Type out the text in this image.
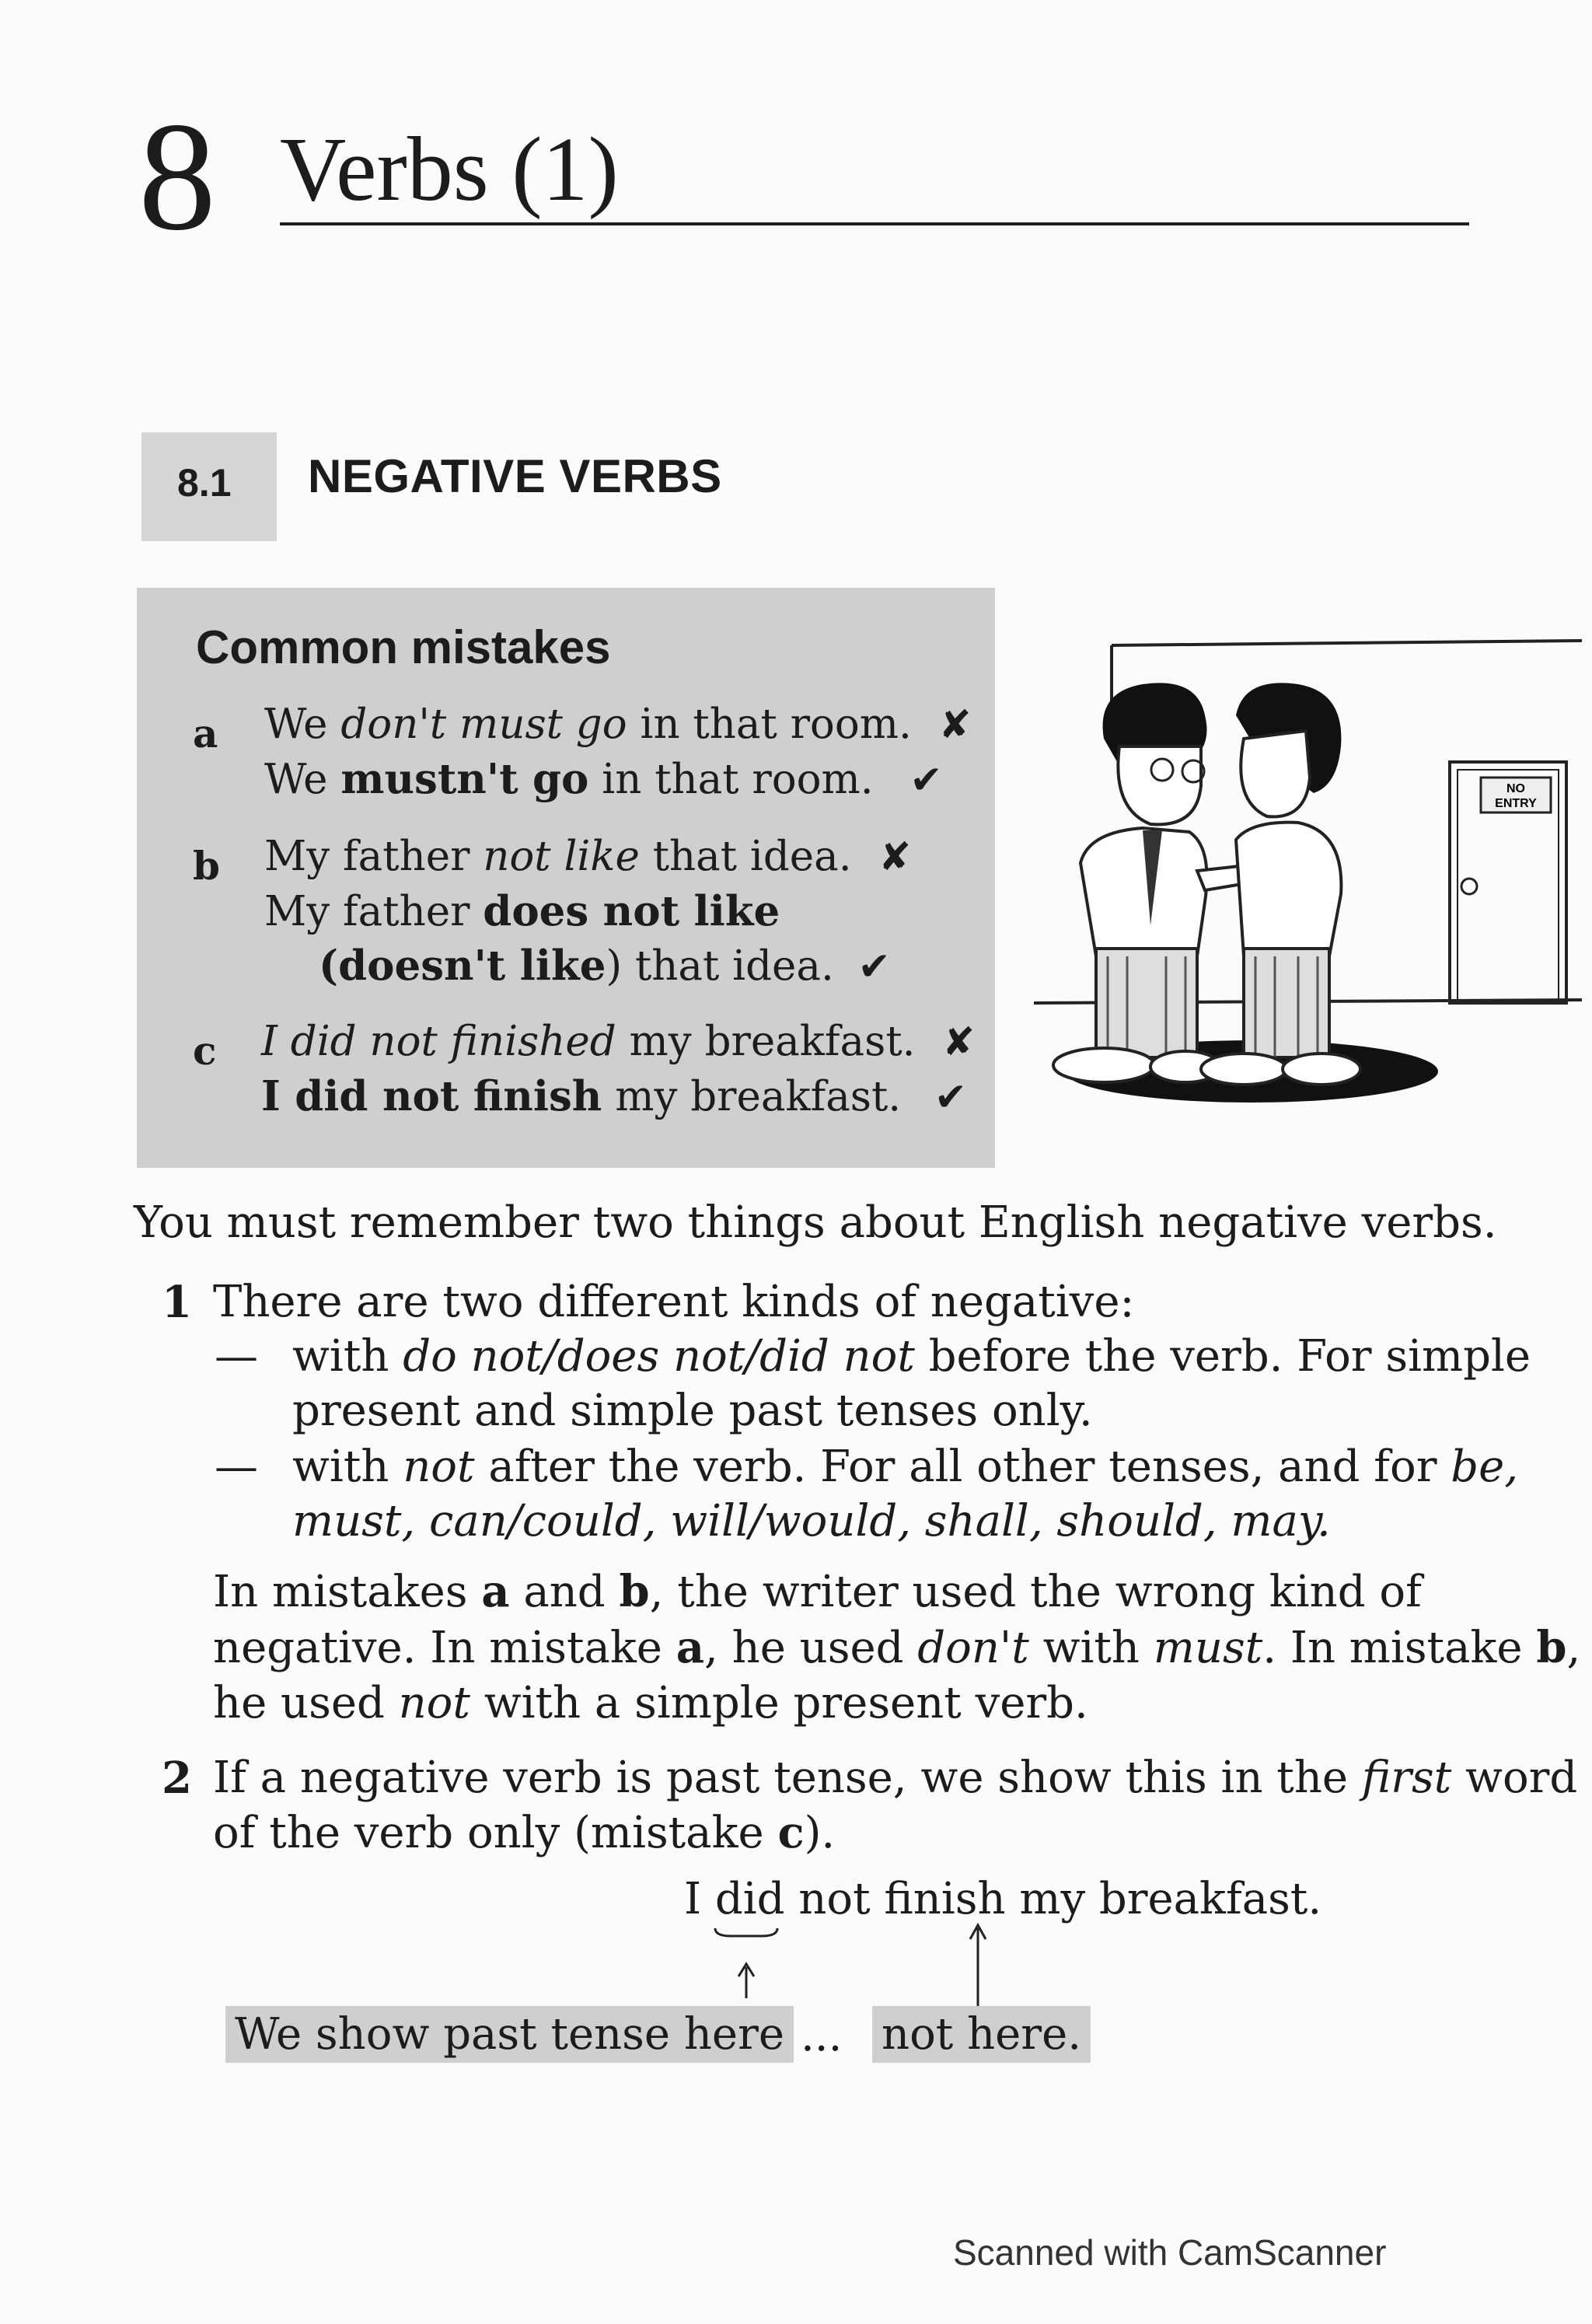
8 Verbs (1)
8.1 NEGATIVE VERBS
Common mistakes
a We don't must go in that room. ✘
We mustn't go in that room. ✔
b My father not like that idea. ✘
My father does not like
(doesn't like) that idea. ✔
c I did not finished my breakfast. ✘
I did not finish my breakfast. ✔
NO
ENTRY
You must remember two things about English negative verbs.
1 There are two different kinds of negative:
— with do not/does not/did not before the verb. For simple
present and simple past tenses only.
— with not after the verb. For all other tenses, and for be,
must, can/could, will/would, shall, should, may.
In mistakes a and b, the writer used the wrong kind of
negative. In mistake a, he used don't with must. In mistake b,
he used not with a simple present verb.
2 If a negative verb is past tense, we show this in the first word
of the verb only (mistake c).
I did not finish my breakfast.
We show past tense here ... not here.
Scanned with CamScanner
